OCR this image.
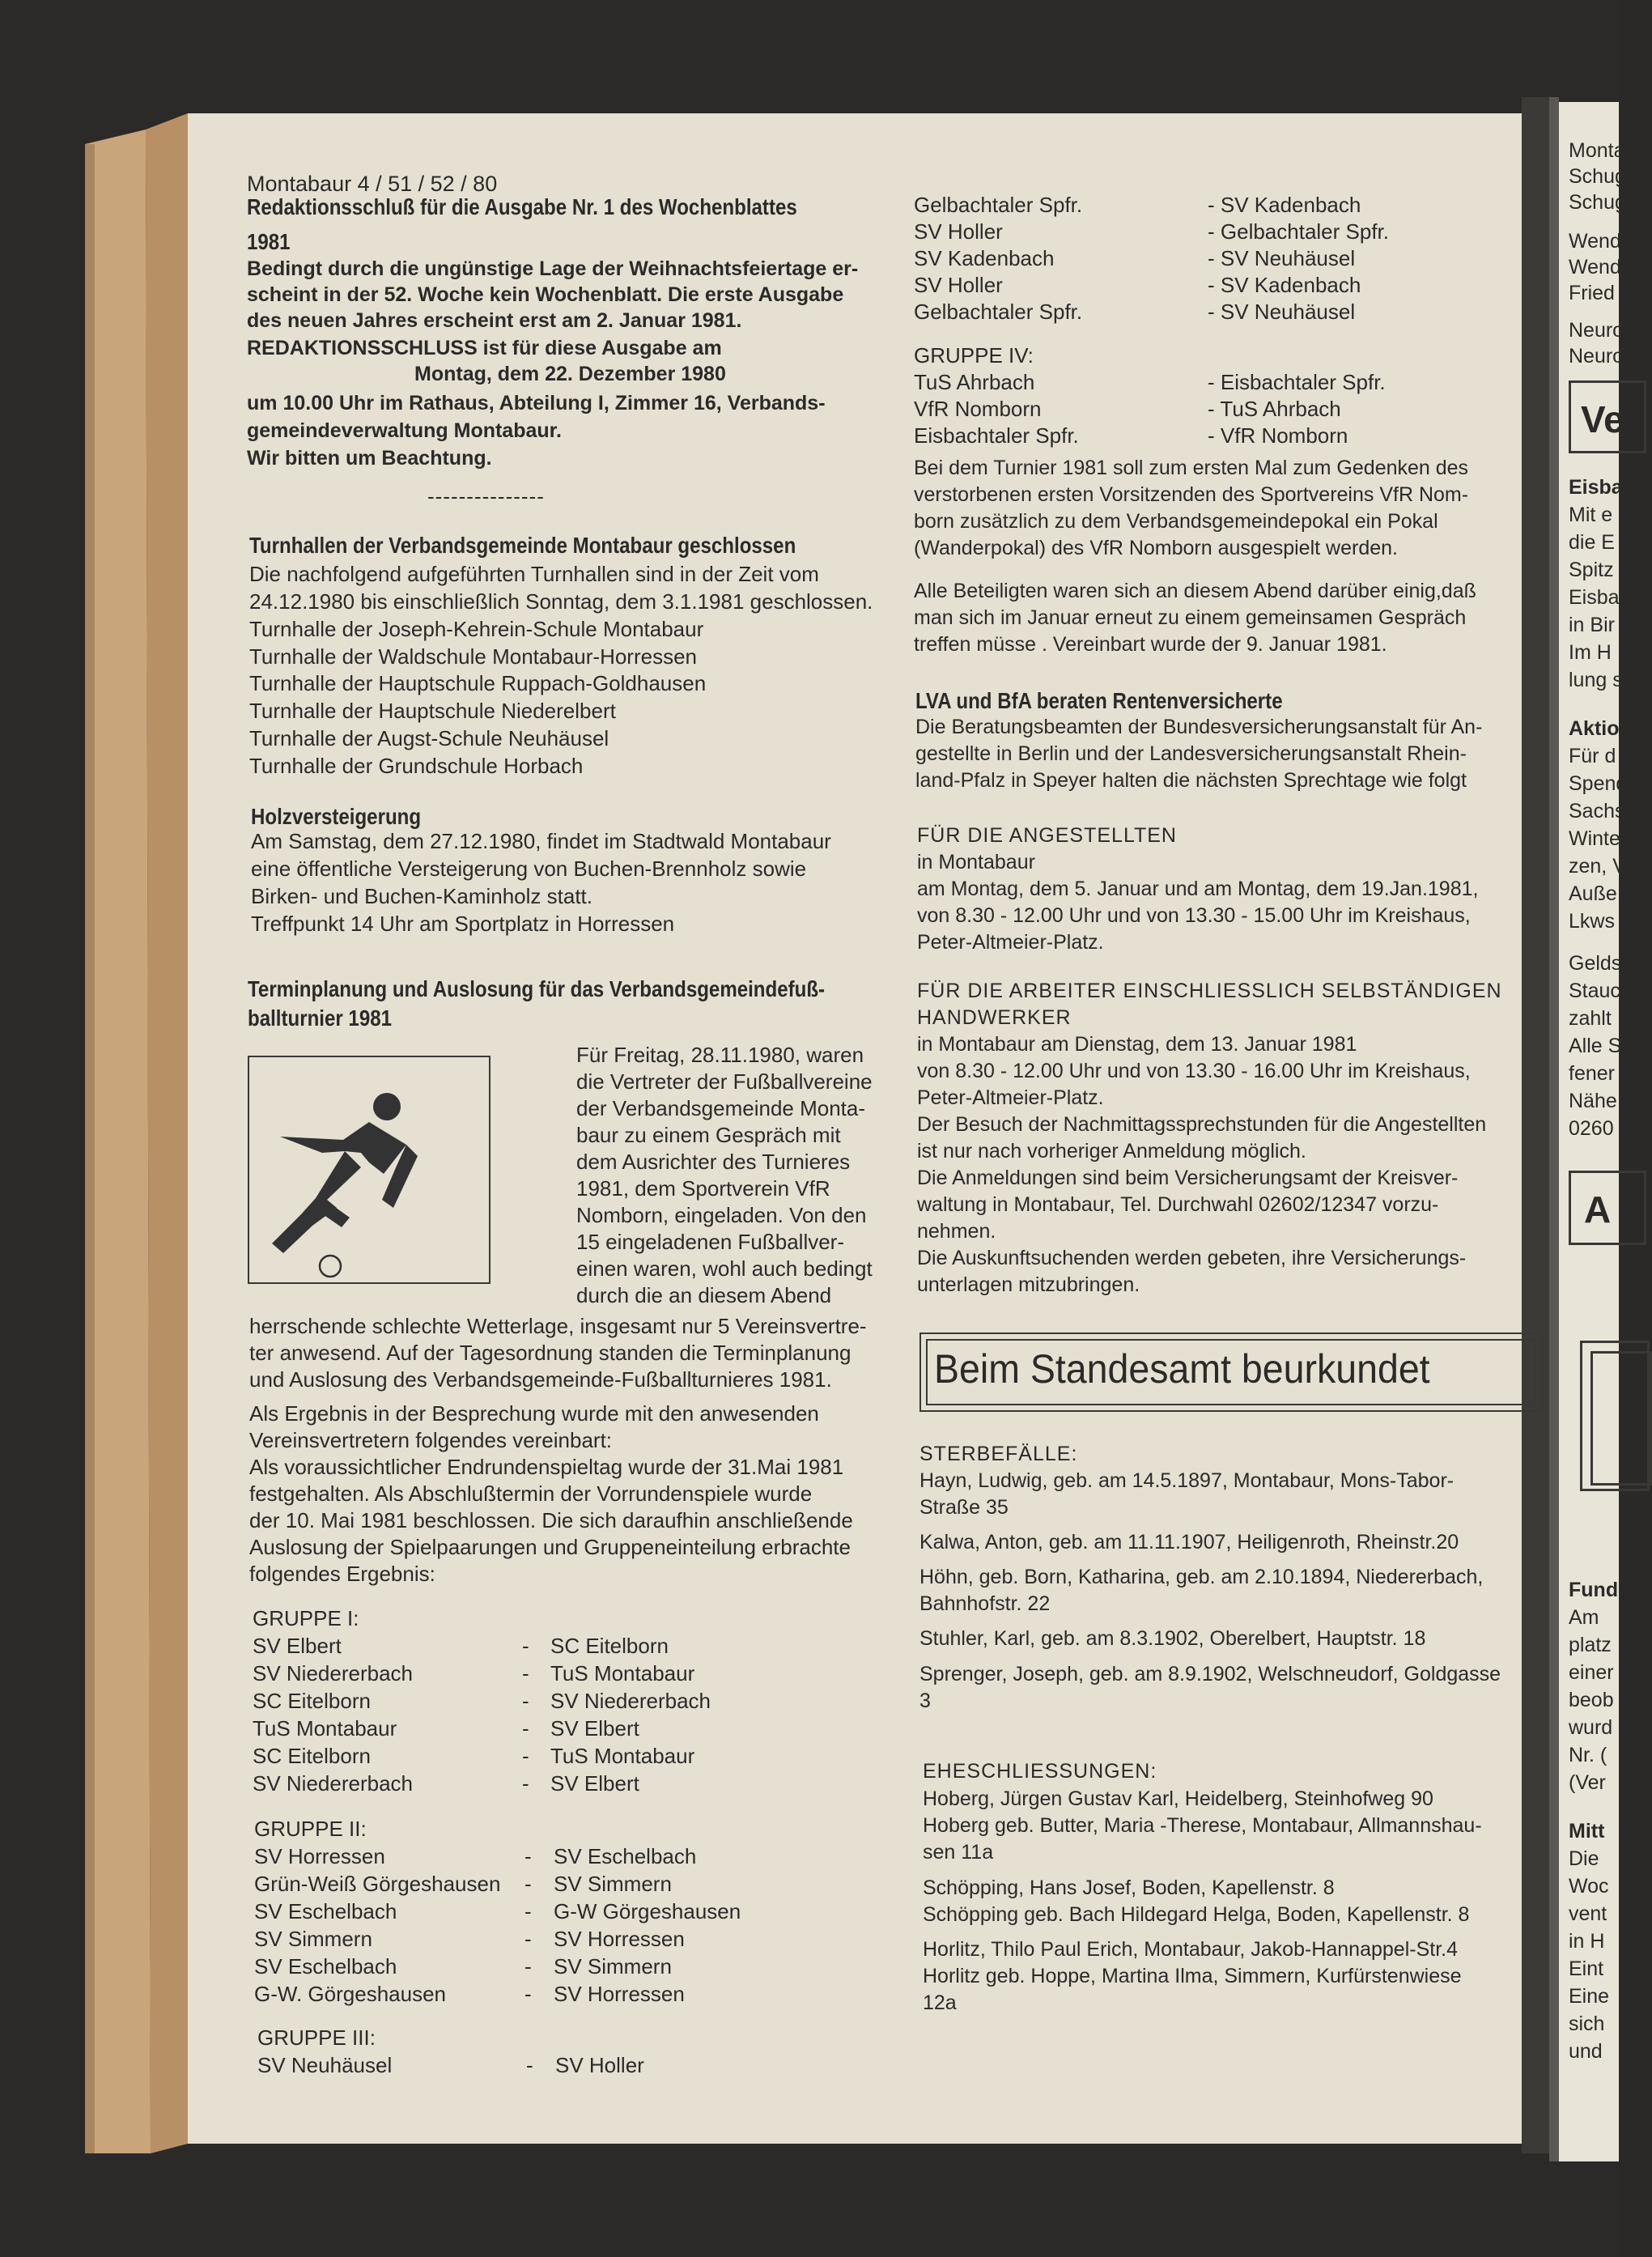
Montabaur 4 / 51 / 52 / 80
Redaktionsschluß für die Ausgabe Nr. 1 des Wochenblattes
1981
Bedingt durch die ungünstige Lage der Weihnachtsfeiertage er-
scheint in der 52. Woche kein Wochenblatt. Die erste Ausgabe
des neuen Jahres erscheint erst am 2. Januar 1981.
REDAKTIONSSCHLUSS ist für diese Ausgabe am
Montag, dem 22. Dezember 1980
um 10.00 Uhr im Rathaus, Abteilung I, Zimmer 16, Verbands-
gemeindeverwaltung Montabaur.
Wir bitten um Beachtung.
---------------
Turnhallen der Verbandsgemeinde Montabaur geschlossen
Die nachfolgend aufgeführten Turnhallen sind in der Zeit vom
24.12.1980 bis einschließlich Sonntag, dem 3.1.1981 geschlossen.
Turnhalle der Joseph-Kehrein-Schule Montabaur
Turnhalle der Waldschule Montabaur-Horressen
Turnhalle der Hauptschule Ruppach-Goldhausen
Turnhalle der Hauptschule Niederelbert
Turnhalle der Augst-Schule Neuhäusel
Turnhalle der Grundschule Horbach
Holzversteigerung
Am Samstag, dem 27.12.1980, findet im Stadtwald Montabaur
eine öffentliche Versteigerung von Buchen-Brennholz sowie
Birken- und Buchen-Kaminholz statt.
Treffpunkt 14 Uhr am Sportplatz in Horressen
Terminplanung und Auslosung für das Verbandsgemeindefuß-
ballturnier 1981
Für Freitag, 28.11.1980, waren
die Vertreter der Fußballvereine
der Verbandsgemeinde Monta-
baur zu einem Gespräch mit
dem Ausrichter des Turnieres
1981, dem Sportverein VfR
Nomborn, eingeladen. Von den
15 eingeladenen Fußballver-
einen waren, wohl auch bedingt
durch die an diesem Abend
herrschende schlechte Wetterlage, insgesamt nur 5 Vereinsvertre-
ter anwesend. Auf der Tagesordnung standen die Terminplanung
und Auslosung des Verbandsgemeinde-Fußballturnieres 1981.
Als Ergebnis in der Besprechung wurde mit den anwesenden
Vereinsvertretern folgendes vereinbart:
Als voraussichtlicher Endrundenspieltag wurde der 31.Mai 1981
festgehalten. Als Abschlußtermin der Vorrundenspiele wurde
der 10. Mai 1981 beschlossen. Die sich daraufhin anschließende
Auslosung der Spielpaarungen und Gruppeneinteilung erbrachte
folgendes Ergebnis:
GRUPPE I:
SV Elbert	- SC Eitelborn
SV Niedererbach	- TuS Montabaur
SC Eitelborn	- SV Niedererbach
TuS Montabaur	- SV Elbert
SC Eitelborn	- TuS Montabaur
SV Niedererbach	- SV Elbert
GRUPPE II:
SV Horressen	- SV Eschelbach
Grün-Weiß Görgeshausen - SV Simmern
SV Eschelbach	- G-W Görgeshausen
SV Simmern	- SV Horressen
SV Eschelbach	- SV Simmern
G-W. Görgeshausen	- SV Horressen
GRUPPE III:
SV Neuhäusel	- SV Holler
Gelbachtaler Spfr.	- SV Kadenbach
SV Holler	- Gelbachtaler Spfr.
SV Kadenbach	- SV Neuhäusel
SV Holler	- SV Kadenbach
Gelbachtaler Spfr.	- SV Neuhäusel
GRUPPE IV:
TuS Ahrbach	- Eisbachtaler Spfr.
VfR Nomborn	- TuS Ahrbach
Eisbachtaler Spfr.	- VfR Nomborn
Bei dem Turnier 1981 soll zum ersten Mal zum Gedenken des
verstorbenen ersten Vorsitzenden des Sportvereins VfR Nom-
born zusätzlich zu dem Verbandsgemeindepokal ein Pokal
(Wanderpokal) des VfR Nomborn ausgespielt werden.
Alle Beteiligten waren sich an diesem Abend darüber einig,daß
man sich im Januar erneut zu einem gemeinsamen Gespräch
treffen müsse . Vereinbart wurde der 9. Januar 1981.
LVA und BfA beraten Rentenversicherte
Die Beratungsbeamten der Bundesversicherungsanstalt für An-
gestellte in Berlin und der Landesversicherungsanstalt Rhein-
land-Pfalz in Speyer halten die nächsten Sprechtage wie folgt
FÜR DIE ANGESTELLTEN
in Montabaur
am Montag, dem 5. Januar und am Montag, dem 19.Jan.1981,
von 8.30 - 12.00 Uhr und von 13.30 - 15.00 Uhr im Kreishaus,
Peter-Altmeier-Platz.
FÜR DIE ARBEITER EINSCHLIESSLICH SELBSTÄNDIGEN
HANDWERKER
in Montabaur am Dienstag, dem 13. Januar 1981
von 8.30 - 12.00 Uhr und von 13.30 - 16.00 Uhr im Kreishaus,
Peter-Altmeier-Platz.
Der Besuch der Nachmittagssprechstunden für die Angestellten
ist nur nach vorheriger Anmeldung möglich.
Die Anmeldungen sind beim Versicherungsamt der Kreisver-
waltung in Montabaur, Tel. Durchwahl 02602/12347 vorzu-
nehmen.
Die Auskunftsuchenden werden gebeten, ihre Versicherungs-
unterlagen mitzubringen.
Beim Standesamt beurkundet
STERBEFÄLLE:
Hayn, Ludwig, geb. am 14.5.1897, Montabaur, Mons-Tabor-
Straße 35
Kalwa, Anton, geb. am 11.11.1907, Heiligenroth, Rheinstr.20
Höhn, geb. Born, Katharina, geb. am 2.10.1894, Niedererbach,
Bahnhofstr. 22
Stuhler, Karl, geb. am 8.3.1902, Oberelbert, Hauptstr. 18
Sprenger, Joseph, geb. am 8.9.1902, Welschneudorf, Goldgasse
3
EHESCHLIESSUNGEN:
Hoberg, Jürgen Gustav Karl, Heidelberg, Steinhofweg 90
Hoberg geb. Butter, Maria -Therese, Montabaur, Allmannshau-
sen 11a
Schöpping, Hans Josef, Boden, Kapellenstr. 8
Schöpping geb. Bach Hildegard Helga, Boden, Kapellenstr. 8
Horlitz, Thilo Paul Erich, Montabaur, Jakob-Hannappel-Str.4
Horlitz geb. Hoppe, Martina Ilma, Simmern, Kurfürstenwiese
12a
Monta
Schug
Schug
Wend
Wend
Fried
Neuro
Neuro
Ve
Eisba
Mit e
die E
Spitz
Eisba
in Bir
Im H
lung s
Aktio
Für d
Spend
Sachs
Winte
zen, V
Auße
Lkws
Gelds
Stauc
zahlt
Alle S
fener
Nähe
0260
A
Fund
Am
platz
einer
beob
wurd
Nr. (
(Ver
Mitt
Die
Woc
vent
in H
Eint
Eine
sich
und
